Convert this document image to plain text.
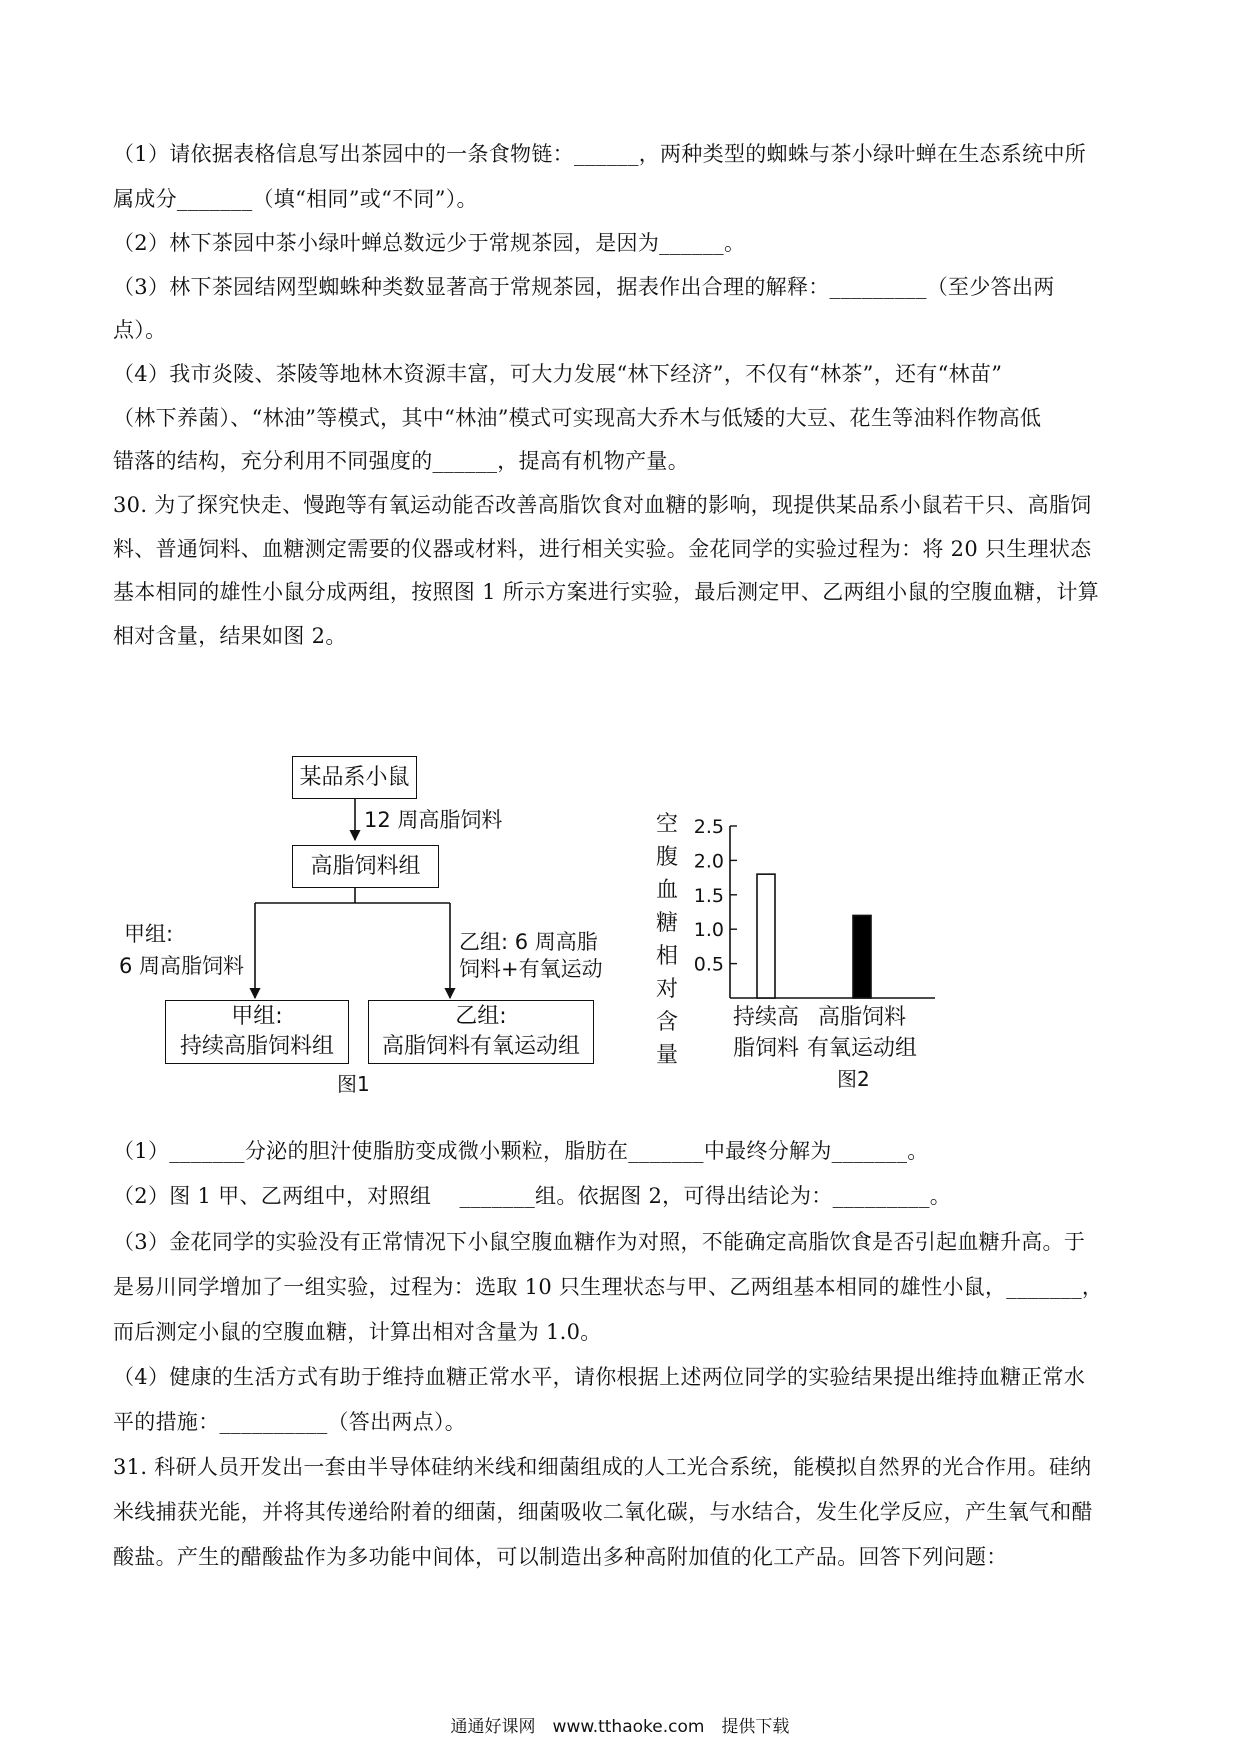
（1）请依据表格信息写出茶园中的一条食物链：______，两种类型的蜘蛛与茶小绿叶蝉在生态系统中所
属成分_______（填“相同”或“不同”）。
（2）林下茶园中茶小绿叶蝉总数远少于常规茶园，是因为______。
（3）林下茶园结网型蜘蛛种类数显著高于常规茶园，据表作出合理的解释：_________（至少答出两
点）。
（4）我市炎陵、茶陵等地林木资源丰富，可大力发展“林下经济”，不仅有“林茶”，还有“林苗”
（林下养菌）、“林油”等模式，其中“林油”模式可实现高大乔木与低矮的大豆、花生等油料作物高低
错落的结构，充分利用不同强度的______，提高有机物产量。
30. 为了探究快走、慢跑等有氧运动能否改善高脂饮食对血糖的影响，现提供某品系小鼠若干只、高脂饲
料、普通饲料、血糖测定需要的仪器或材料，进行相关实验。金花同学的实验过程为：将 20 只生理状态
基本相同的雄性小鼠分成两组，按照图 1 所示方案进行实验，最后测定甲、乙两组小鼠的空腹血糖，计算
相对含量，结果如图 2。
某品系小鼠
12 周高脂饲料
高脂饲料组
甲组:
6 周高脂饲料
乙组: 6 周高脂
饲料+有氧运动
甲组:
持续高脂饲料组
乙组:
高脂饲料有氧运动组
图1
空
腹
血
糖
相
对
含
量
2.5
2.0
1.5
1.0
0.5
持续高
脂饲料
高脂饲料
有氧运动组
图2
（1）_______分泌的胆汁使脂肪变成微小颗粒，脂肪在_______中最终分解为_______。
（2）图 1 甲、乙两组中，对照组　 _______组。依据图 2，可得出结论为：_________。
（3）金花同学的实验没有正常情况下小鼠空腹血糖作为对照，不能确定高脂饮食是否引起血糖升高。于
是易川同学增加了一组实验，过程为：选取 10 只生理状态与甲、乙两组基本相同的雄性小鼠，_______，
而后测定小鼠的空腹血糖，计算出相对含量为 1.0。
（4）健康的生活方式有助于维持血糖正常水平，请你根据上述两位同学的实验结果提出维持血糖正常水
平的措施：__________（答出两点）。
31. 科研人员开发出一套由半导体硅纳米线和细菌组成的人工光合系统，能模拟自然界的光合作用。硅纳
米线捕获光能，并将其传递给附着的细菌，细菌吸收二氧化碳，与水结合，发生化学反应，产生氧气和醋
酸盐。产生的醋酸盐作为多功能中间体，可以制造出多种高附加值的化工产品。回答下列问题：
通通好课网　www.tthaoke.com　提供下载
